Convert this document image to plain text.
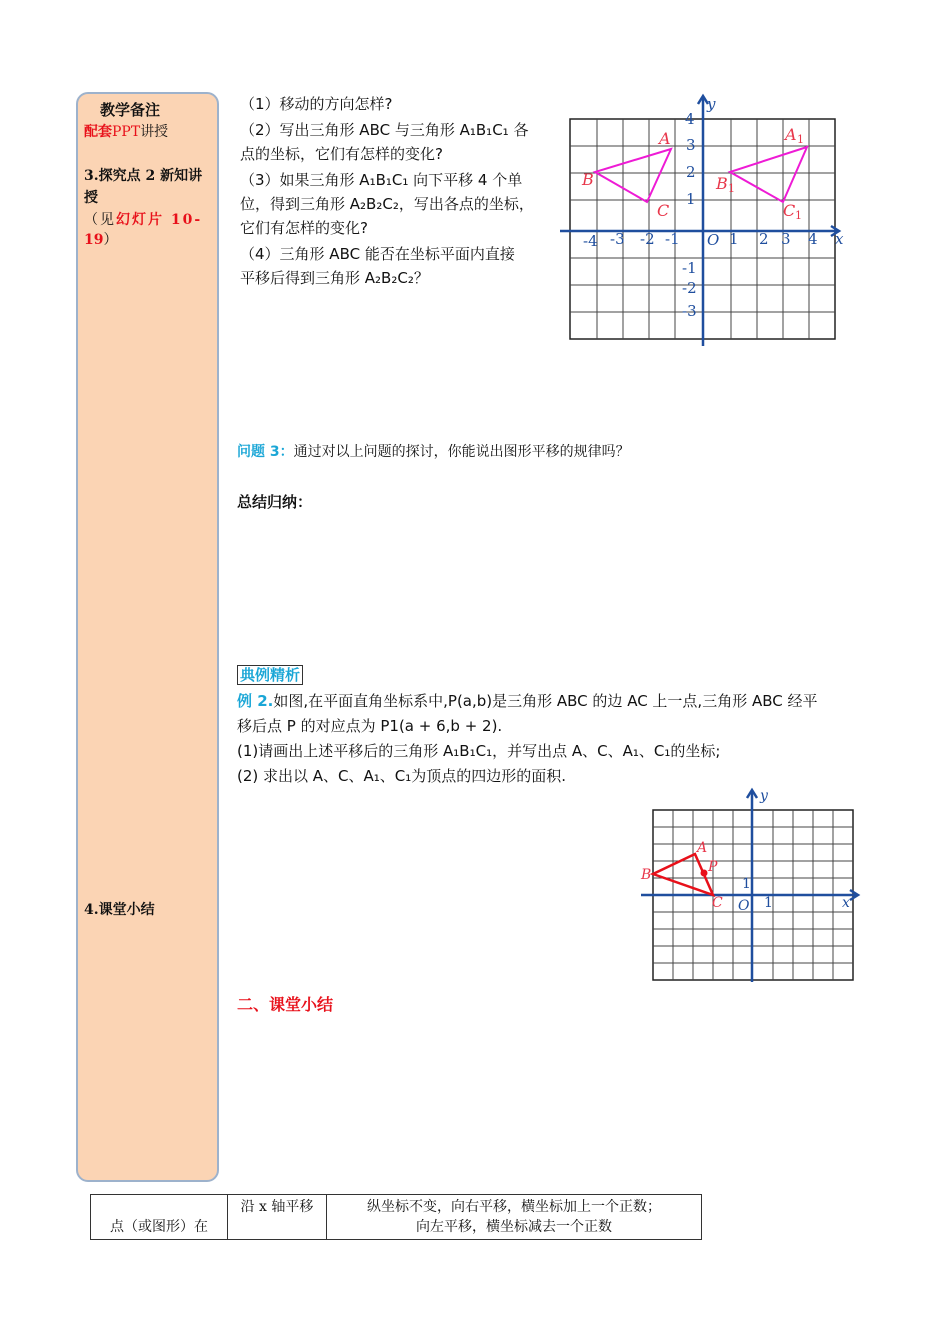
教学备注
配套PPT讲授
3.探究点 2 新知讲
授
（见幻灯片 10-
19）
4.课堂小结
（1）移动的方向怎样?
（2）写出三角形 ABC 与三角形 A₁B₁C₁ 各
点的坐标，它们有怎样的变化?
（3）如果三角形 A₁B₁C₁ 向下平移 4 个单
位，得到三角形 A₂B₂C₂，写出各点的坐标，
它们有怎样的变化?
（4）三角形 ABC 能否在坐标平面内直接
平移后得到三角形 A₂B₂C₂？
y
x
O
-4 -3 -2 -1	1 2 3 4
4
3
2
1
-1
-2
-3
A
B
C
A 1
B 1
C 1
问题 3：通过对以上问题的探讨，你能说出图形平移的规律吗？
总结归纳：
典例精析
例 2.如图,在平面直角坐标系中,P(a,b)是三角形 ABC 的边 AC 上一点,三角形 ABC 经平
移后点 P 的对应点为 P1(a + 6,b + 2).
(1)请画出上述平移后的三角形 A₁B₁C₁，并写出点 A、C、A₁、C₁的坐标;
(2) 求出以 A、C、A₁、C₁为顶点的四边形的面积.
y
x
O 1
1
A
B
C
P
二、课堂小结
点（或图形）在	沿 x 轴平移	纵坐标不变，向右平移，横坐标加上一个正数；
向左平移，横坐标减去一个正数
